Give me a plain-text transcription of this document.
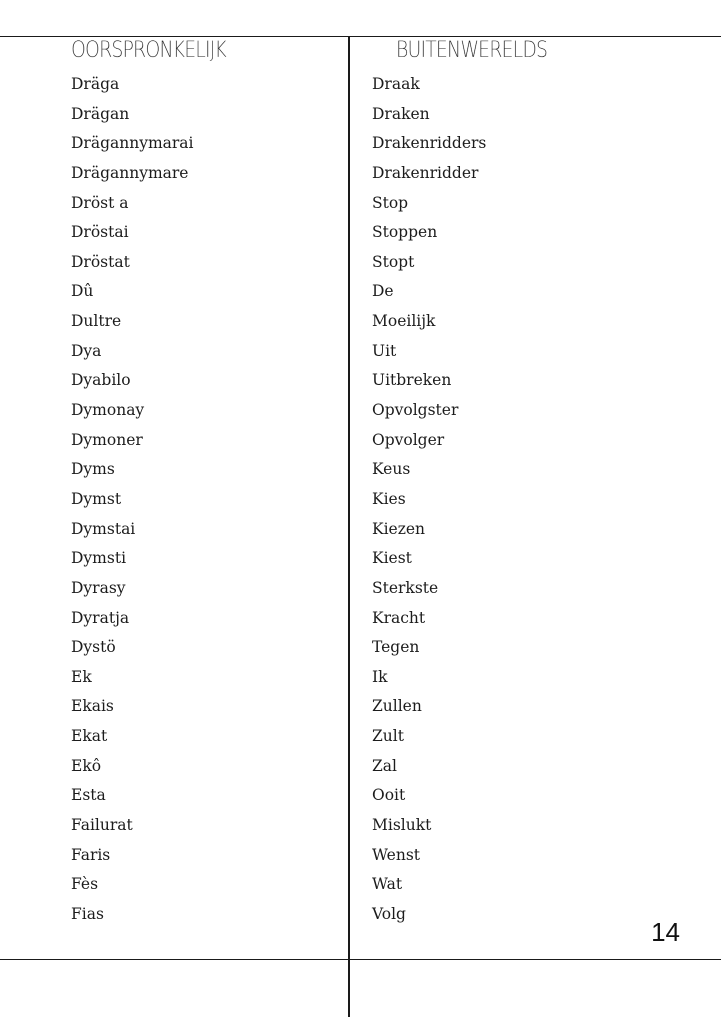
OORSPRONKELIJK	BUITENWERELDS
Dräga
Drägan
Drägannymarai
Drägannymare
Dröst a
Dröstai
Dröstat
Dû
Dultre
Dya
Dyabilo
Dymonay
Dymoner
Dyms
Dymst
Dymstai
Dymsti
Dyrasy
Dyratja
Dystö
Ek
Ekais
Ekat
Ekô
Esta
Failurat
Faris
Fès
Fias
Draak
Draken
Drakenridders
Drakenridder
Stop
Stoppen
Stopt
De
Moeilijk
Uit
Uitbreken
Opvolgster
Opvolger
Keus
Kies
Kiezen
Kiest
Sterkste
Kracht
Tegen
Ik
Zullen
Zult
Zal
Ooit
Mislukt
Wenst
Wat
Volg
14
